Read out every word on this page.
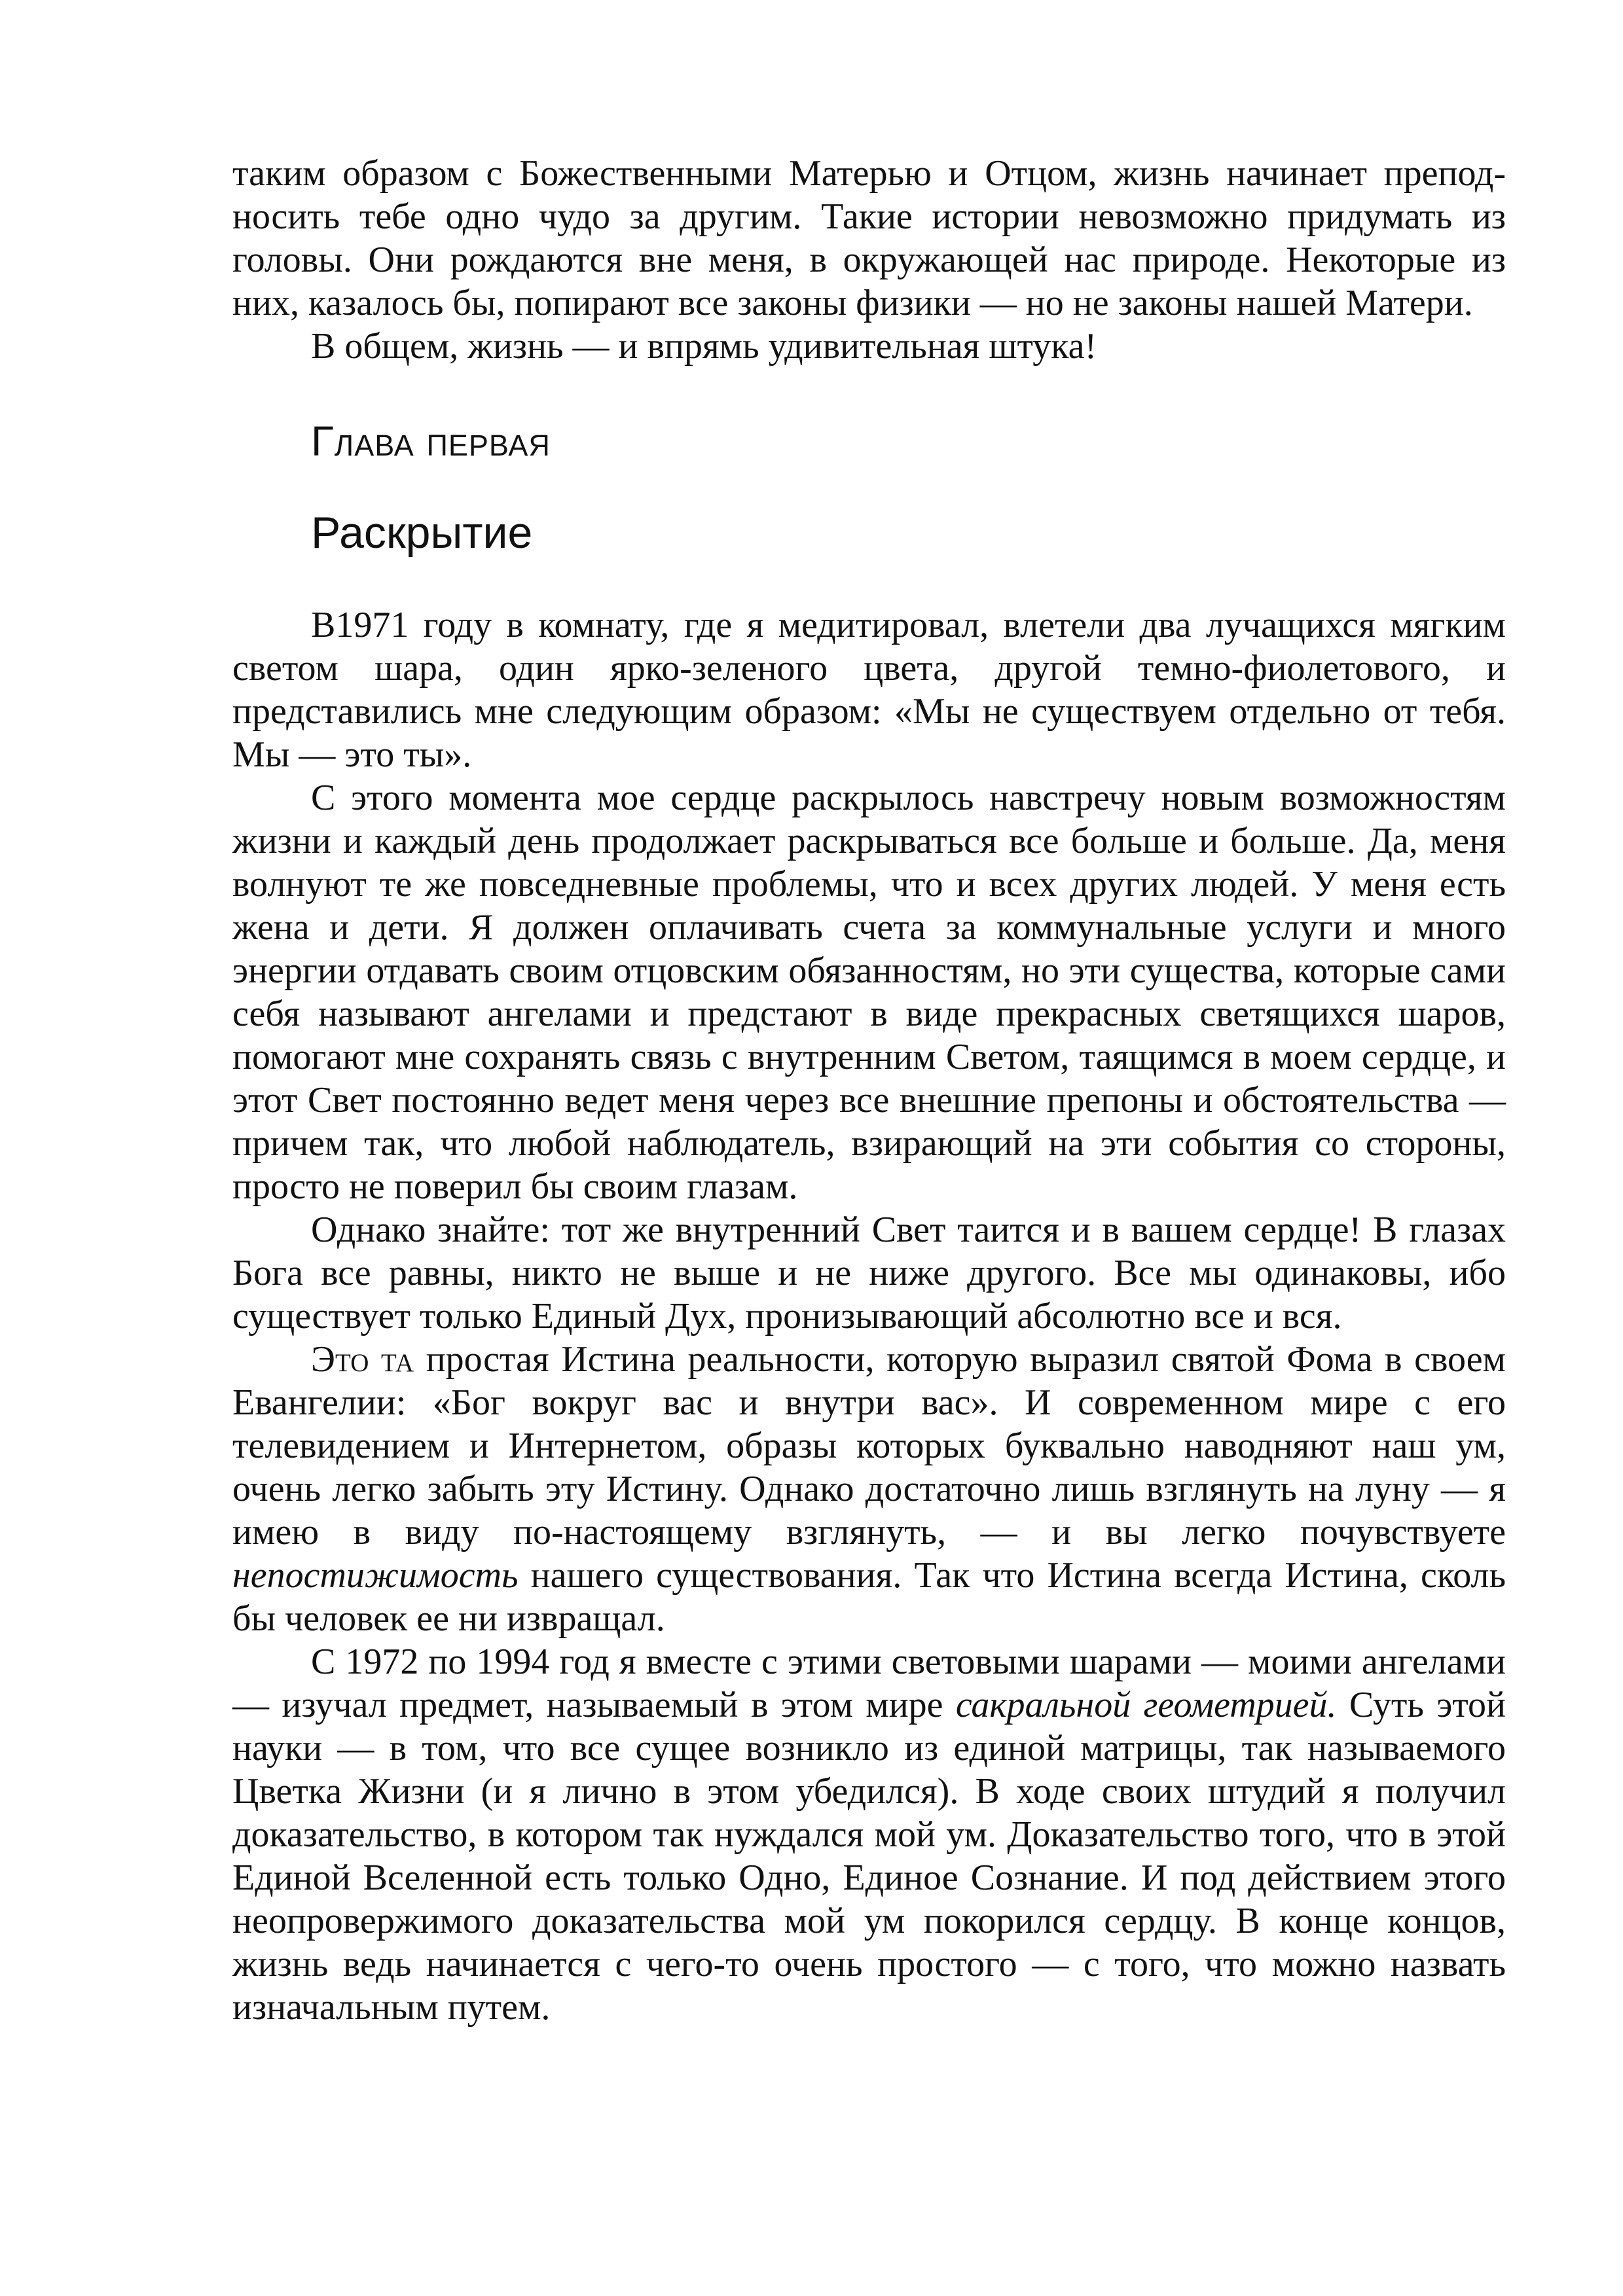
таким образом с Божественными Матерью и Отцом, жизнь начинает препод-носить тебе одно чудо за другим. Такие истории невозможно придумать из головы. Они рождаются вне меня, в окружающей нас природе. Некоторые из них, казалось бы, попирают все законы физики — но не законы нашей Матери.

В общем, жизнь — и впрямь удивительная штука!

Глава первая
Раскрытие

В1971 году в комнату, где я медитировал, влетели два лучащихся мягким светом шара, один ярко-зеленого цвета, другой темно-фиолетового, и представились мне следующим образом: «Мы не существуем отдельно от тебя. Мы — это ты».

С этого момента мое сердце раскрылось навстречу новым возможностям жизни и каждый день продолжает раскрываться все больше и больше. Да, меня волнуют те же повседневные проблемы, что и всех других людей. У меня есть жена и дети. Я должен оплачивать счета за коммунальные услуги и много энергии отдавать своим отцовским обязанностям, но эти существа, которые сами себя называют ангелами и предстают в виде прекрасных светящихся шаров, помогают мне сохранять связь с внутренним Светом, таящимся в моем сердце, и этот Свет постоянно ведет меня через все внешние препоны и обстоятельства — причем так, что любой наблюдатель, взирающий на эти события со стороны, просто не поверил бы своим глазам.

Однако знайте: тот же внутренний Свет таится и в вашем сердце! В глазах Бога все равны, никто не выше и не ниже другого. Все мы одинаковы, ибо существует только Единый Дух, пронизывающий абсолютно все и вся.

Это та простая Истина реальности, которую выразил святой Фома в своем Евангелии: «Бог вокруг вас и внутри вас». И современном мире с его телевидением и Интернетом, образы которых буквально наводняют наш ум, очень легко забыть эту Истину. Однако достаточно лишь взглянуть на луну — я имею в виду по-настоящему взглянуть, — и вы легко почувствуете непостижимость нашего существования. Так что Истина всегда Истина, сколь бы человек ее ни извращал.

С 1972 по 1994 год я вместе с этими световыми шарами — моими ангелами — изучал предмет, называемый в этом мире сакральной геометрией. Суть этой науки — в том, что все сущее возникло из единой матрицы, так называемого Цветка Жизни (и я лично в этом убедился). В ходе своих штудий я получил доказательство, в котором так нуждался мой ум. Доказательство того, что в этой Единой Вселенной есть только Одно, Единое Сознание. И под действием этого неопровержимого доказательства мой ум покорился сердцу. В конце концов, жизнь ведь начинается с чего-то очень простого — с того, что можно назвать изначальным путем.
